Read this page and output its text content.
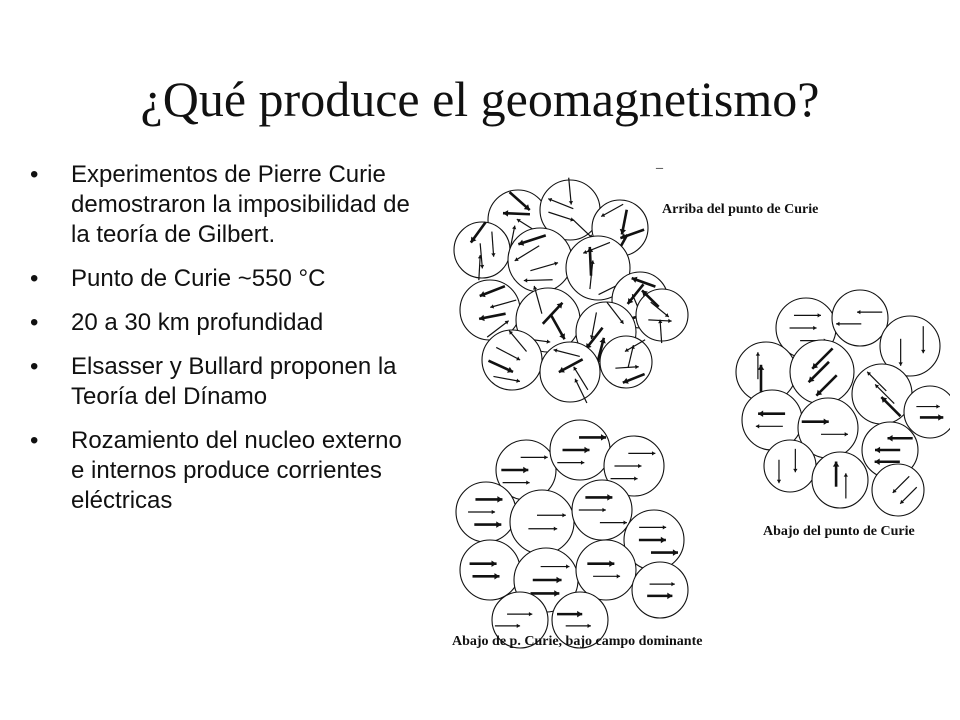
¿Qué produce el geomagnetismo?
• Experimentos de Pierre Curie demostraron la imposibilidad de la teoría de Gilbert.
• Punto de Curie ~550 °C
• 20 a 30 km profundidad
• Elsasser y Bullard proponen la Teoría del Dínamo
• Rozamiento del nucleo externo e internos produce corrientes eléctricas
_
Arriba del punto de Curie
Abajo del punto de Curie
Abajo de p. Curie, bajo campo dominante
